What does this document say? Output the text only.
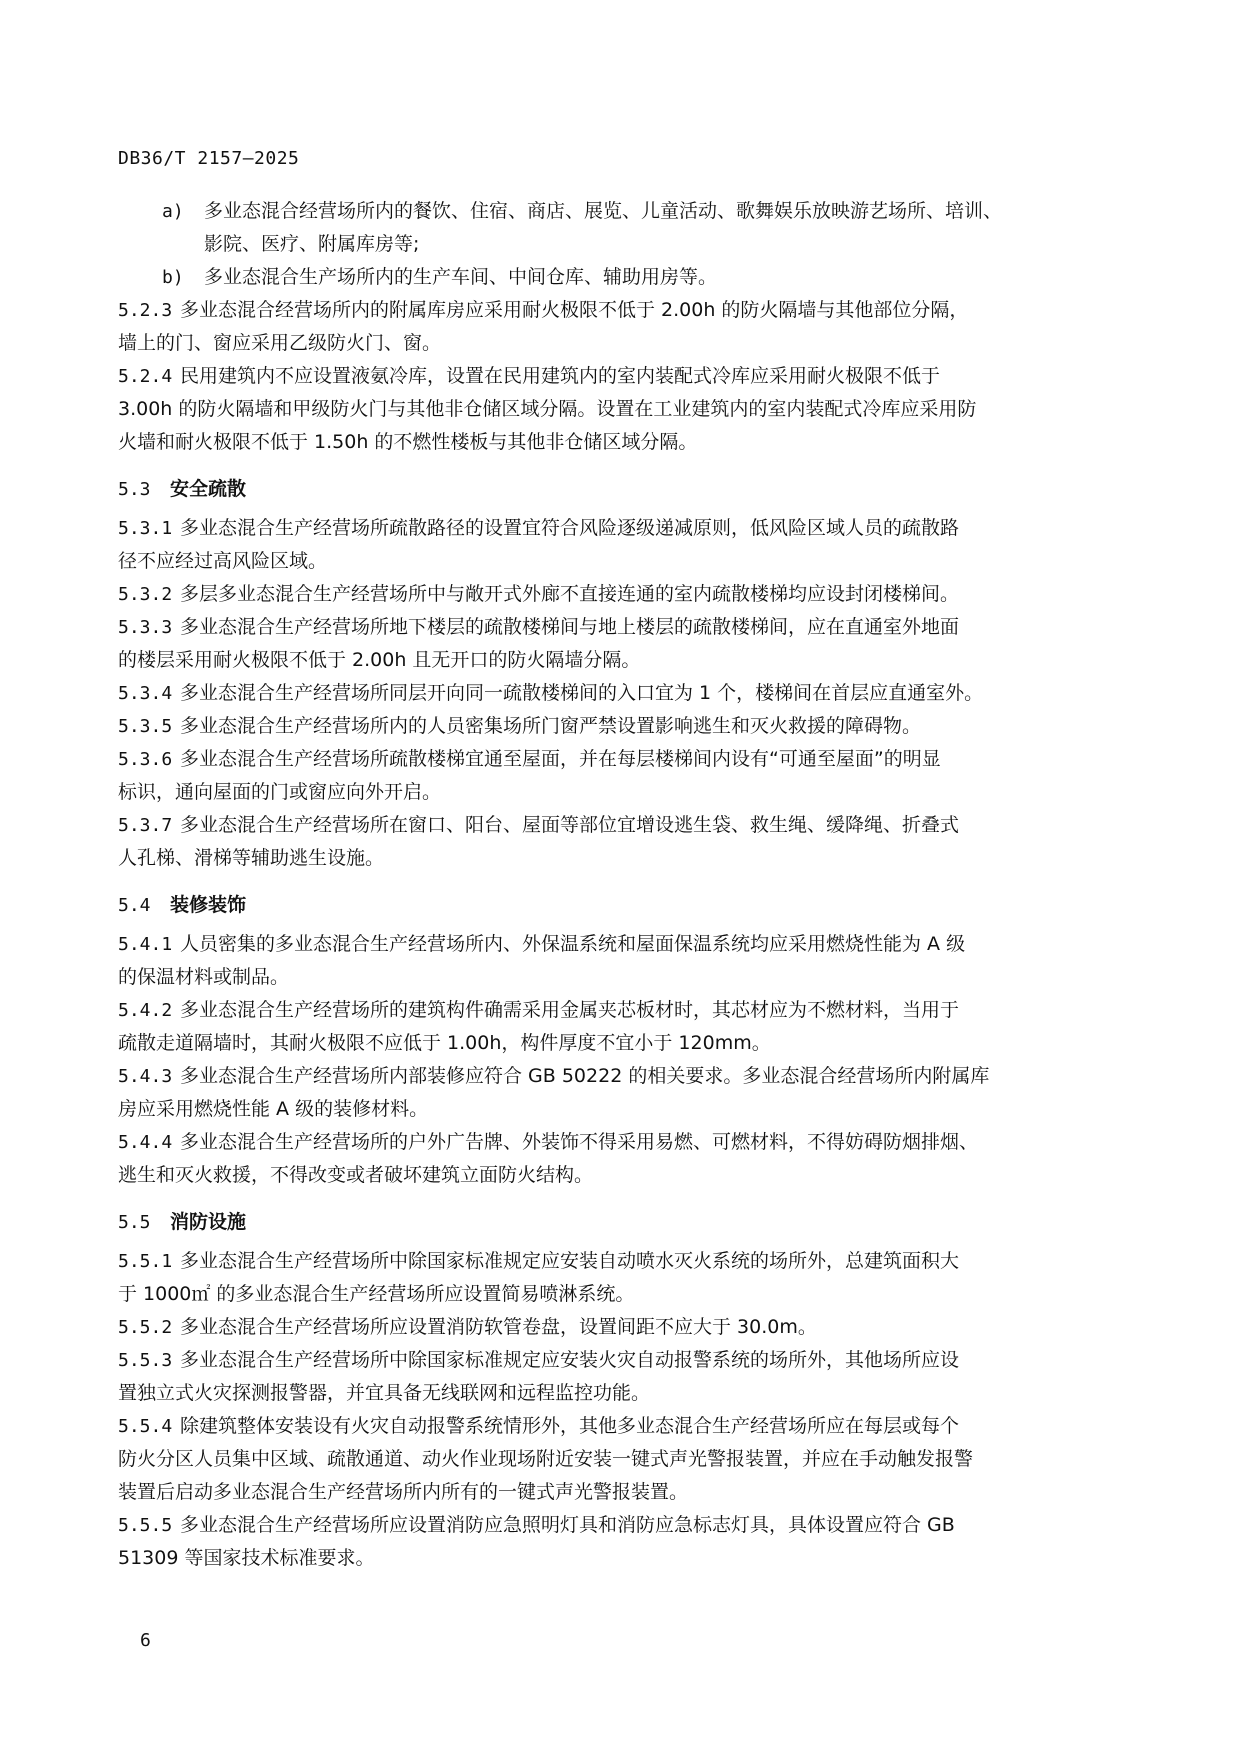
DB36/T 2157—2025
a) 多业态混合经营场所内的餐饮、住宿、商店、展览、儿童活动、歌舞娱乐放映游艺场所、培训、
影院、医疗、附属库房等;
b) 多业态混合生产场所内的生产车间、中间仓库、辅助用房等。
5.2.3 多业态混合经营场所内的附属库房应采用耐火极限不低于 2.00h 的防火隔墙与其他部位分隔，
墙上的门、窗应采用乙级防火门、窗。
5.2.4 民用建筑内不应设置液氨冷库，设置在民用建筑内的室内装配式冷库应采用耐火极限不低于
3.00h 的防火隔墙和甲级防火门与其他非仓储区域分隔。设置在工业建筑内的室内装配式冷库应采用防
火墙和耐火极限不低于 1.50h 的不燃性楼板与其他非仓储区域分隔。
5.3 安全疏散
5.3.1 多业态混合生产经营场所疏散路径的设置宜符合风险逐级递减原则，低风险区域人员的疏散路
径不应经过高风险区域。
5.3.2 多层多业态混合生产经营场所中与敞开式外廊不直接连通的室内疏散楼梯均应设封闭楼梯间。
5.3.3 多业态混合生产经营场所地下楼层的疏散楼梯间与地上楼层的疏散楼梯间，应在直通室外地面
的楼层采用耐火极限不低于 2.00h 且无开口的防火隔墙分隔。
5.3.4 多业态混合生产经营场所同层开向同一疏散楼梯间的入口宜为 1 个，楼梯间在首层应直通室外。
5.3.5 多业态混合生产经营场所内的人员密集场所门窗严禁设置影响逃生和灭火救援的障碍物。
5.3.6 多业态混合生产经营场所疏散楼梯宜通至屋面，并在每层楼梯间内设有“可通至屋面”的明显
标识，通向屋面的门或窗应向外开启。
5.3.7 多业态混合生产经营场所在窗口、阳台、屋面等部位宜增设逃生袋、救生绳、缓降绳、折叠式
人孔梯、滑梯等辅助逃生设施。
5.4 装修装饰
5.4.1 人员密集的多业态混合生产经营场所内、外保温系统和屋面保温系统均应采用燃烧性能为 A 级
的保温材料或制品。
5.4.2 多业态混合生产经营场所的建筑构件确需采用金属夹芯板材时，其芯材应为不燃材料，当用于
疏散走道隔墙时，其耐火极限不应低于 1.00h，构件厚度不宜小于 120mm。
5.4.3 多业态混合生产经营场所内部装修应符合 GB 50222 的相关要求。多业态混合经营场所内附属库
房应采用燃烧性能 A 级的装修材料。
5.4.4 多业态混合生产经营场所的户外广告牌、外装饰不得采用易燃、可燃材料，不得妨碍防烟排烟、
逃生和灭火救援，不得改变或者破坏建筑立面防火结构。
5.5 消防设施
5.5.1 多业态混合生产经营场所中除国家标准规定应安装自动喷水灭火系统的场所外，总建筑面积大
于 1000㎡ 的多业态混合生产经营场所应设置简易喷淋系统。
5.5.2 多业态混合生产经营场所应设置消防软管卷盘，设置间距不应大于 30.0m。
5.5.3 多业态混合生产经营场所中除国家标准规定应安装火灾自动报警系统的场所外，其他场所应设
置独立式火灾探测报警器，并宜具备无线联网和远程监控功能。
5.5.4 除建筑整体安装设有火灾自动报警系统情形外，其他多业态混合生产经营场所应在每层或每个
防火分区人员集中区域、疏散通道、动火作业现场附近安装一键式声光警报装置，并应在手动触发报警
装置后启动多业态混合生产经营场所内所有的一键式声光警报装置。
5.5.5 多业态混合生产经营场所应设置消防应急照明灯具和消防应急标志灯具，具体设置应符合 GB
51309 等国家技术标准要求。
6
